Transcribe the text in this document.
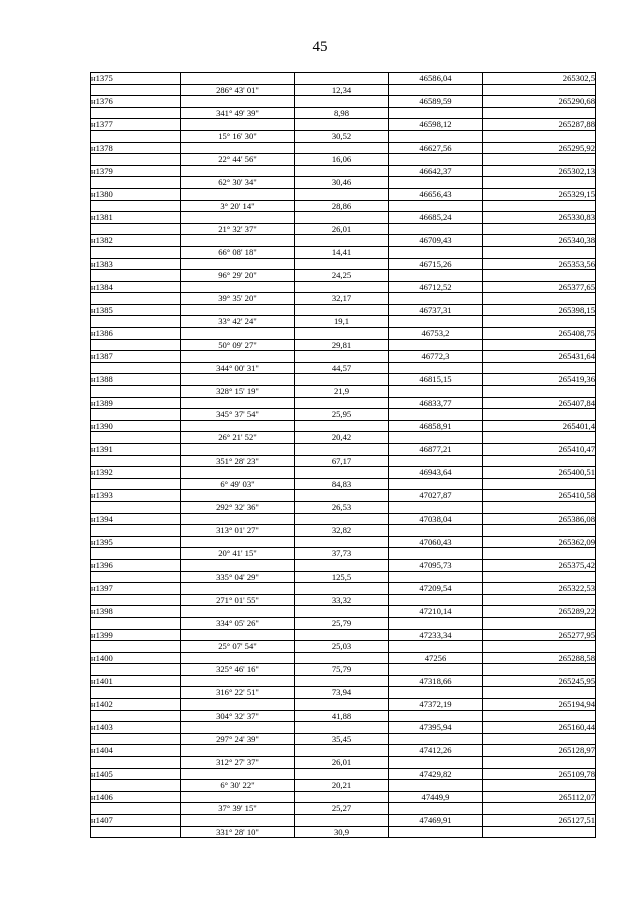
45
н1375			46586,04	265302,5
	286° 43' 01"	12,34		
н1376			46589,59	265290,68
	341° 49' 39"	8,98		
н1377			46598,12	265287,88
	15° 16' 30"	30,52		
н1378			46627,56	265295,92
	22° 44' 56"	16,06		
н1379			46642,37	265302,13
	62° 30' 34"	30,46		
н1380			46656,43	265329,15
	3° 20' 14"	28,86		
н1381			46685,24	265330,83
	21° 32' 37"	26,01		
н1382			46709,43	265340,38
	66° 08' 18"	14,41		
н1383			46715,26	265353,56
	96° 29' 20"	24,25		
н1384			46712,52	265377,65
	39° 35' 20"	32,17		
н1385			46737,31	265398,15
	33° 42' 24"	19,1		
н1386			46753,2	265408,75
	50° 09' 27"	29,81		
н1387			46772,3	265431,64
	344° 00' 31"	44,57		
н1388			46815,15	265419,36
	328° 15' 19"	21,9		
н1389			46833,77	265407,84
	345° 37' 54"	25,95		
н1390			46858,91	265401,4
	26° 21' 52"	20,42		
н1391			46877,21	265410,47
	351° 28' 23"	67,17		
н1392			46943,64	265400,51
	6° 49' 03"	84,83		
н1393			47027,87	265410,58
	292° 32' 36"	26,53		
н1394			47038,04	265386,08
	313° 01' 27"	32,82		
н1395			47060,43	265362,09
	20° 41' 15"	37,73		
н1396			47095,73	265375,42
	335° 04' 29"	125,5		
н1397			47209,54	265322,53
	271° 01' 55"	33,32		
н1398			47210,14	265289,22
	334° 05' 26"	25,79		
н1399			47233,34	265277,95
	25° 07' 54"	25,03		
н1400			47256	265288,58
	325° 46' 16"	75,79		
н1401			47318,66	265245,95
	316° 22' 51"	73,94		
н1402			47372,19	265194,94
	304° 32' 37"	41,88		
н1403			47395,94	265160,44
	297° 24' 39"	35,45		
н1404			47412,26	265128,97
	312° 27' 37"	26,01		
н1405			47429,82	265109,78
	6° 30' 22"	20,21		
н1406			47449,9	265112,07
	37° 39' 15"	25,27		
н1407			47469,91	265127,51
	331° 28' 10"	30,9		
